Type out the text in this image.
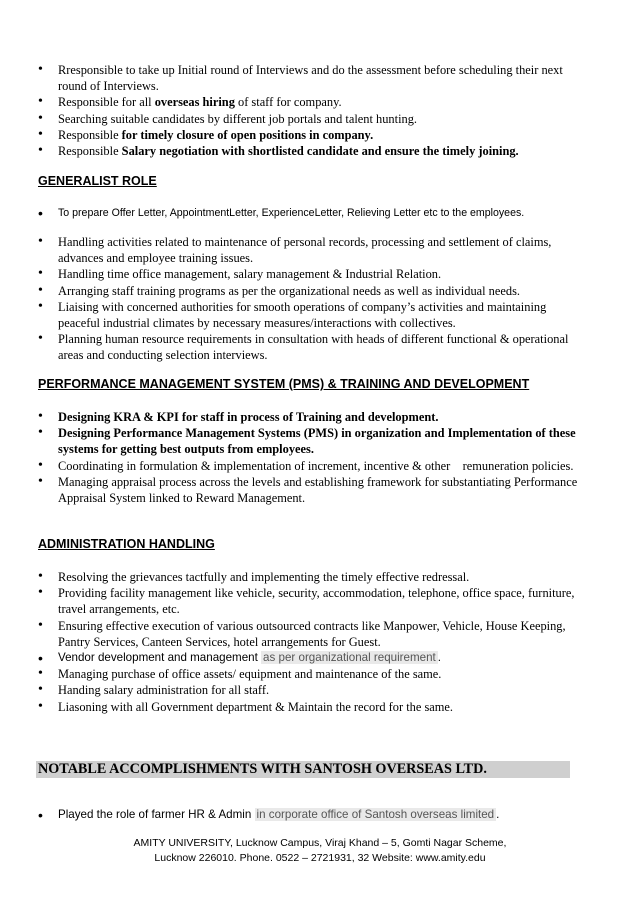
• Rresponsible to take up Initial round of Interviews and do the assessment before scheduling their next round of Interviews.
• Responsible for all overseas hiring of staff for company.
• Searching suitable candidates by different job portals and talent hunting.
• Responsible for timely closure of open positions in company.
• Responsible Salary negotiation with shortlisted candidate and ensure the timely joining.
GENERALIST ROLE
• To prepare Offer Letter, AppointmentLetter, ExperienceLetter, Relieving Letter etc to the employees.
• Handling activities related to maintenance of personal records, processing and settlement of claims, advances and employee training issues.
• Handling time office management, salary management & Industrial Relation.
• Arranging staff training programs as per the organizational needs as well as individual needs.
• Liaising with concerned authorities for smooth operations of company’s activities and maintaining peaceful industrial climates by necessary measures/interactions with collectives.
• Planning human resource requirements in consultation with heads of different functional & operational areas and conducting selection interviews.
PERFORMANCE MANAGEMENT SYSTEM (PMS) & TRAINING AND DEVELOPMENT
• Designing KRA & KPI for staff in process of Training and development.
• Designing Performance Management Systems (PMS) in organization and Implementation of these systems for getting best outputs from employees.
• Coordinating in formulation & implementation of increment, incentive & other    remuneration policies.
• Managing appraisal process across the levels and establishing framework for substantiating Performance Appraisal System linked to Reward Management.
ADMINISTRATION HANDLING
• Resolving the grievances tactfully and implementing the timely effective redressal.
• Providing facility management like vehicle, security, accommodation, telephone, office space, furniture, travel arrangements, etc.
• Ensuring effective execution of various outsourced contracts like Manpower, Vehicle, House Keeping, Pantry Services, Canteen Services, hotel arrangements for Guest.
• Vendor development and management as per organizational requirement .
• Managing purchase of office assets/ equipment and maintenance of the same.
• Handing salary administration for all staff.
• Liasoning with all Government department & Maintain the record for the same.
NOTABLE ACCOMPLISHMENTS WITH SANTOSH OVERSEAS LTD.
• Played the role of farmer HR & Admin in corporate office of Santosh overseas limited .
AMITY UNIVERSITY, Lucknow Campus, Viraj Khand – 5, Gomti Nagar Scheme,
Lucknow 226010. Phone. 0522 – 2721931, 32 Website: www.amity.edu
